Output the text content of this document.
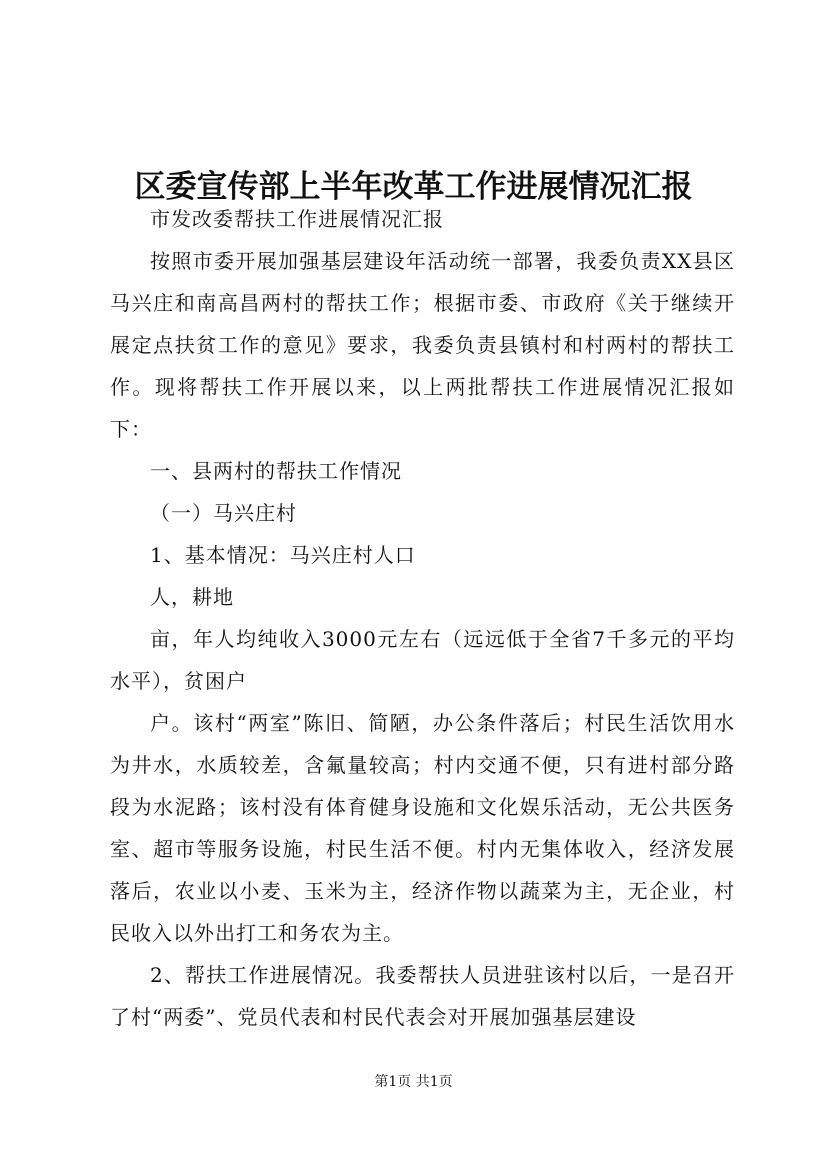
区委宣传部上半年改革工作进展情况汇报

市发改委帮扶工作进展情况汇报

按照市委开展加强基层建设年活动统一部署，我委负责XX县区马兴庄和南高昌两村的帮扶工作；根据市委、市政府《关于继续开展定点扶贫工作的意见》要求，我委负责县镇村和村两村的帮扶工作。现将帮扶工作开展以来，以上两批帮扶工作进展情况汇报如下：

一、县两村的帮扶工作情况

（一）马兴庄村

1、基本情况：马兴庄村人口

人，耕地

亩，年人均纯收入3000元左右（远远低于全省7千多元的平均水平），贫困户

户。该村“两室”陈旧、简陋，办公条件落后；村民生活饮用水为井水，水质较差，含氟量较高；村内交通不便，只有进村部分路段为水泥路；该村没有体育健身设施和文化娱乐活动，无公共医务室、超市等服务设施，村民生活不便。村内无集体收入，经济发展落后，农业以小麦、玉米为主，经济作物以蔬菜为主，无企业，村民收入以外出打工和务农为主。

2、帮扶工作进展情况。我委帮扶人员进驻该村以后，一是召开了村“两委”、党员代表和村民代表会对开展加强基层建设

第1页 共1页
